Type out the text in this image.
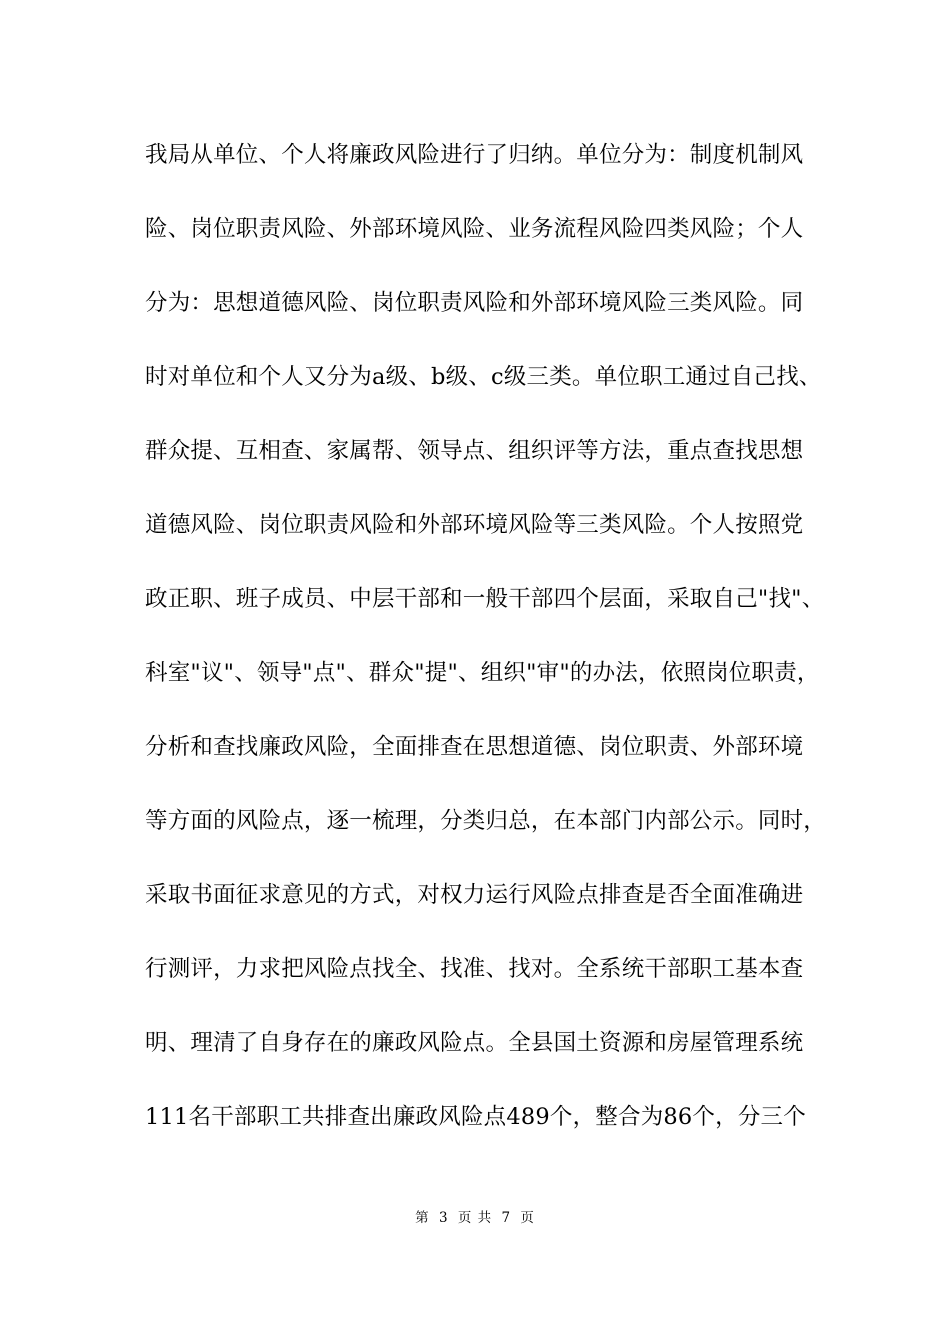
我局从单位、个人将廉政风险进行了归纳。单位分为：制度机制风
险、岗位职责风险、外部环境风险、业务流程风险四类风险；个人
分为：思想道德风险、岗位职责风险和外部环境风险三类风险。同
时对单位和个人又分为a级、b级、c级三类。单位职工通过自己找、
群众提、互相查、家属帮、领导点、组织评等方法，重点查找思想
道德风险、岗位职责风险和外部环境风险等三类风险。个人按照党
政正职、班子成员、中层干部和一般干部四个层面，采取自己"找"、
科室"议"、领导"点"、群众"提"、组织"审"的办法，依照岗位职责，
分析和查找廉政风险，全面排查在思想道德、岗位职责、外部环境
等方面的风险点，逐一梳理，分类归总，在本部门内部公示。同时，
采取书面征求意见的方式，对权力运行风险点排查是否全面准确进
行测评，力求把风险点找全、找准、找对。全系统干部职工基本查
明、理清了自身存在的廉政风险点。全县国土资源和房屋管理系统
111名干部职工共排查出廉政风险点489个，整合为86个，分三个
第 3 页 共 7 页
